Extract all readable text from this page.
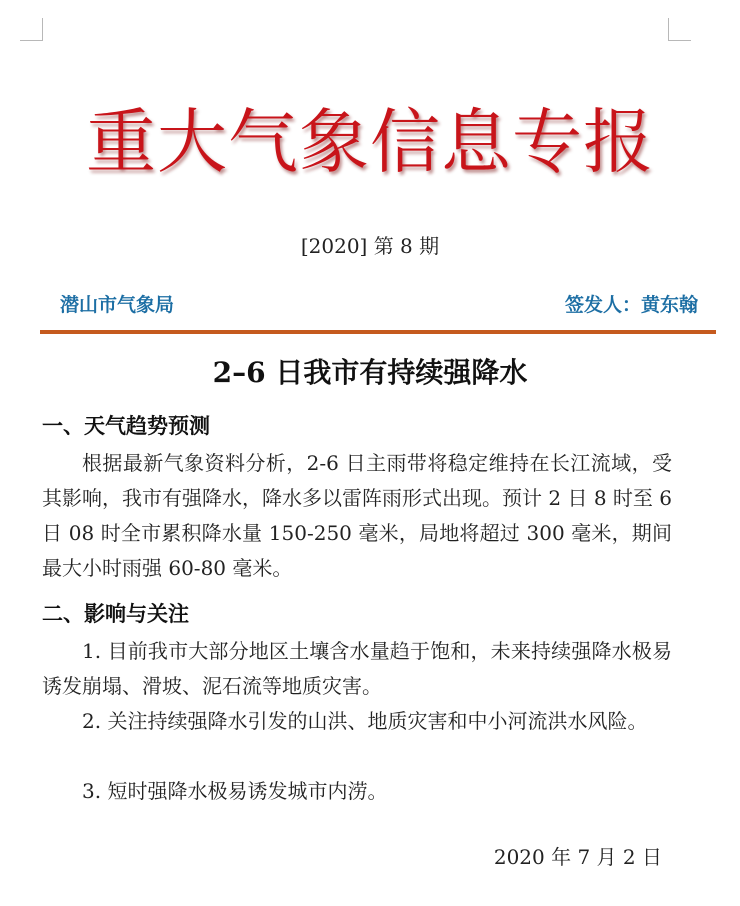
重大气象信息专报
[2020] 第 8 期
潜山市气象局	签发人：黄东翰
2–6 日我市有持续强降水
一、天气趋势预测

根据最新气象资料分析，2-6 日主雨带将稳定维持在长江流域，受其影响，我市有强降水，降水多以雷阵雨形式出现。预计 2 日 8 时至 6 日 08 时全市累积降水量 150-250 毫米，局地将超过 300 毫米，期间最大小时雨强 60-80 毫米。

二、影响与关注

1. 目前我市大部分地区土壤含水量趋于饱和，未来持续强降水极易诱发崩塌、滑坡、泥石流等地质灾害。

2. 关注持续强降水引发的山洪、地质灾害和中小河流洪水风险。

3. 短时强降水极易诱发城市内涝。

2020 年 7 月 2 日
